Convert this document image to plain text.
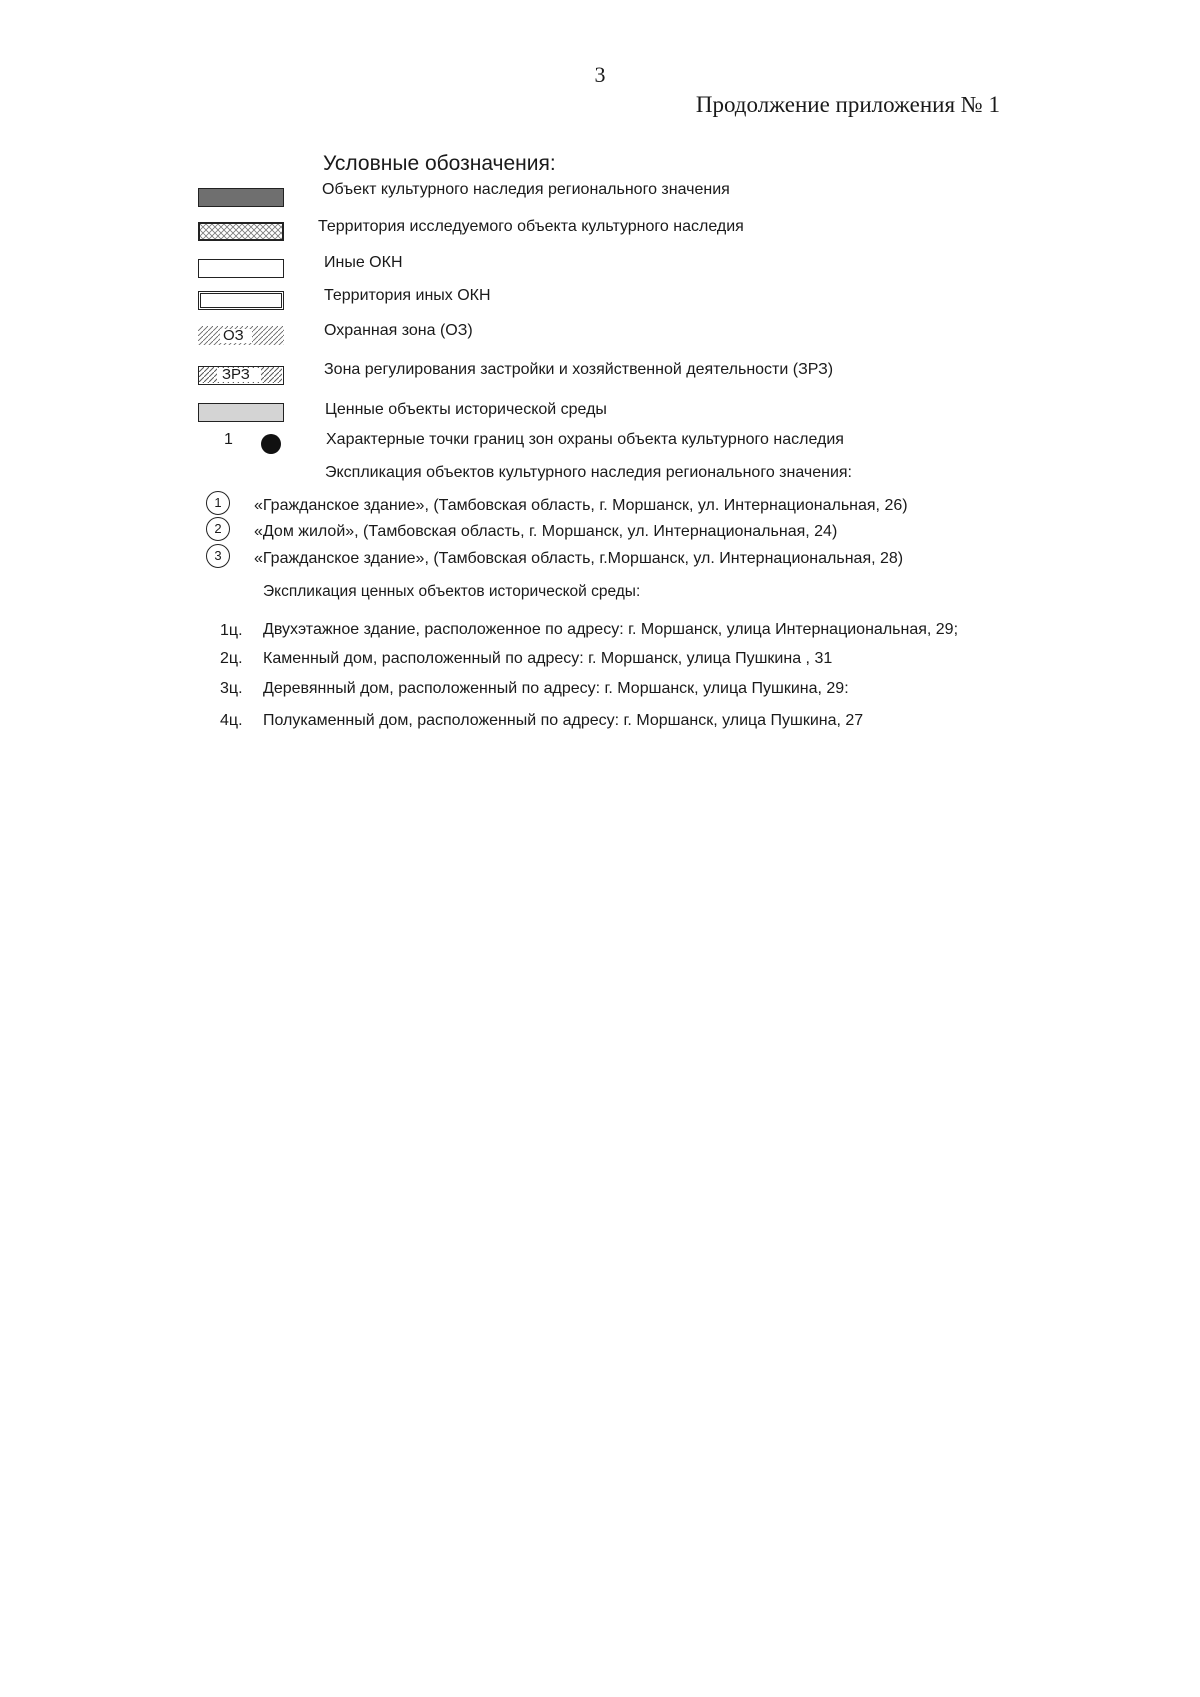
3
Продолжение приложения № 1
Условные обозначения:
Объект культурного наследия регионального значения
Территория исследуемого объекта культурного наследия
Иные ОКН
Территория иных ОКН
ОЗ	Охранная зона (ОЗ)
ЗРЗ	Зона регулирования застройки и хозяйственной деятельности (ЗРЗ)
Ценные объекты исторической среды
1	Характерные точки границ зон охраны объекта культурного наследия
Экспликация объектов культурного наследия регионального значения:
1	«Гражданское здание», (Тамбовская область, г. Моршанск, ул. Интернациональная, 26)
2	«Дом жилой», (Тамбовская область, г. Моршанск, ул. Интернациональная, 24)
3	«Гражданское здание», (Тамбовская область, г.Моршанск, ул. Интернациональная, 28)
Экспликация ценных объектов исторической среды:
1ц. Двухэтажное здание, расположенное по адресу: г. Моршанск, улица Интернациональная, 29;
2ц. Каменный дом, расположенный по адресу: г. Моршанск, улица Пушкина , 31
3ц. Деревянный дом, расположенный по адресу: г. Моршанск, улица Пушкина, 29:
4ц. Полукаменный дом, расположенный по адресу: г. Моршанск, улица Пушкина, 27
